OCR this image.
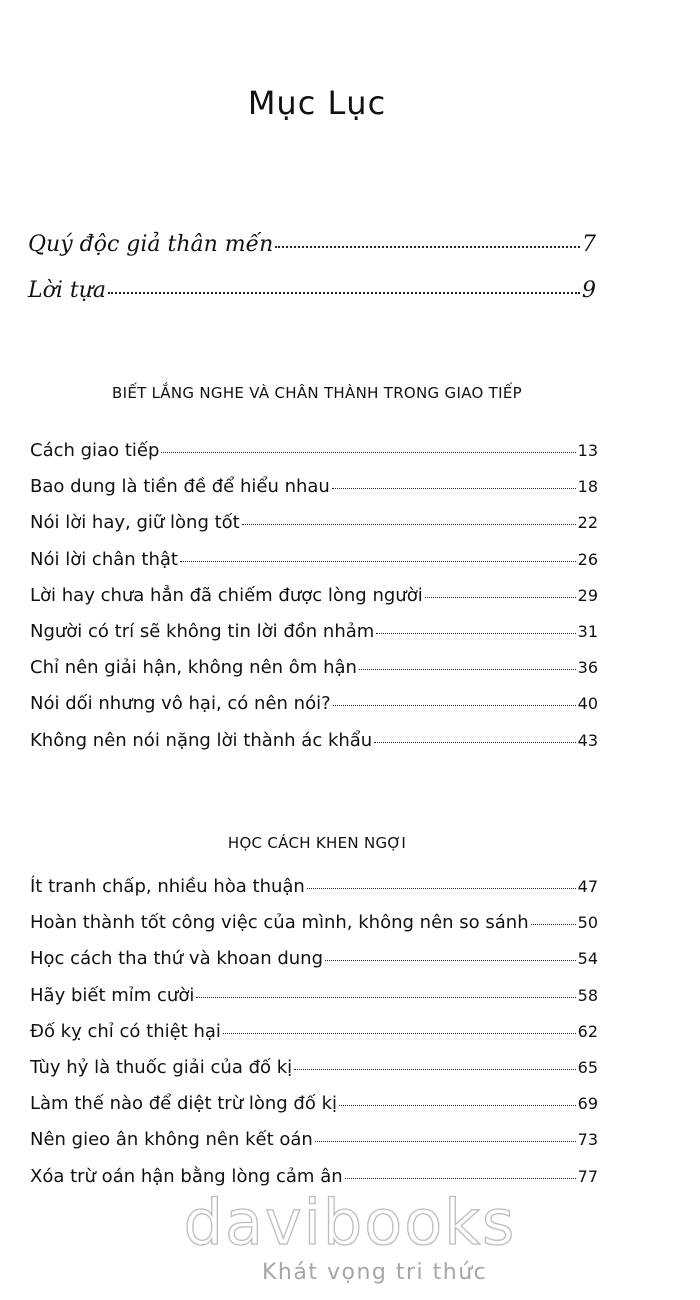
Mục Lục
Quý độc giả thân mến	7
Lời tựa	9
BIẾT LẮNG NGHE VÀ CHÂN THÀNH TRONG GIAO TIẾP
Cách giao tiếp	13
Bao dung là tiền đề để hiểu nhau	18
Nói lời hay, giữ lòng tốt	22
Nói lời chân thật	26
Lời hay chưa hẳn đã chiếm được lòng người	29
Người có trí sẽ không tin lời đồn nhảm	31
Chỉ nên giải hận, không nên ôm hận	36
Nói dối nhưng vô hại, có nên nói?	40
Không nên nói nặng lời thành ác khẩu	43
HỌC CÁCH KHEN NGỢI
Ít tranh chấp, nhiều hòa thuận	47
Hoàn thành tốt công việc của mình, không nên so sánh	50
Học cách tha thứ và khoan dung	54
Hãy biết mỉm cười	58
Đố kỵ chỉ có thiệt hại	62
Tùy hỷ là thuốc giải của đố kị	65
Làm thế nào để diệt trừ lòng đố kị	69
Nên gieo ân không nên kết oán	73
Xóa trừ oán hận bằng lòng cảm ân	77
davibooks
Khát vọng tri thức
